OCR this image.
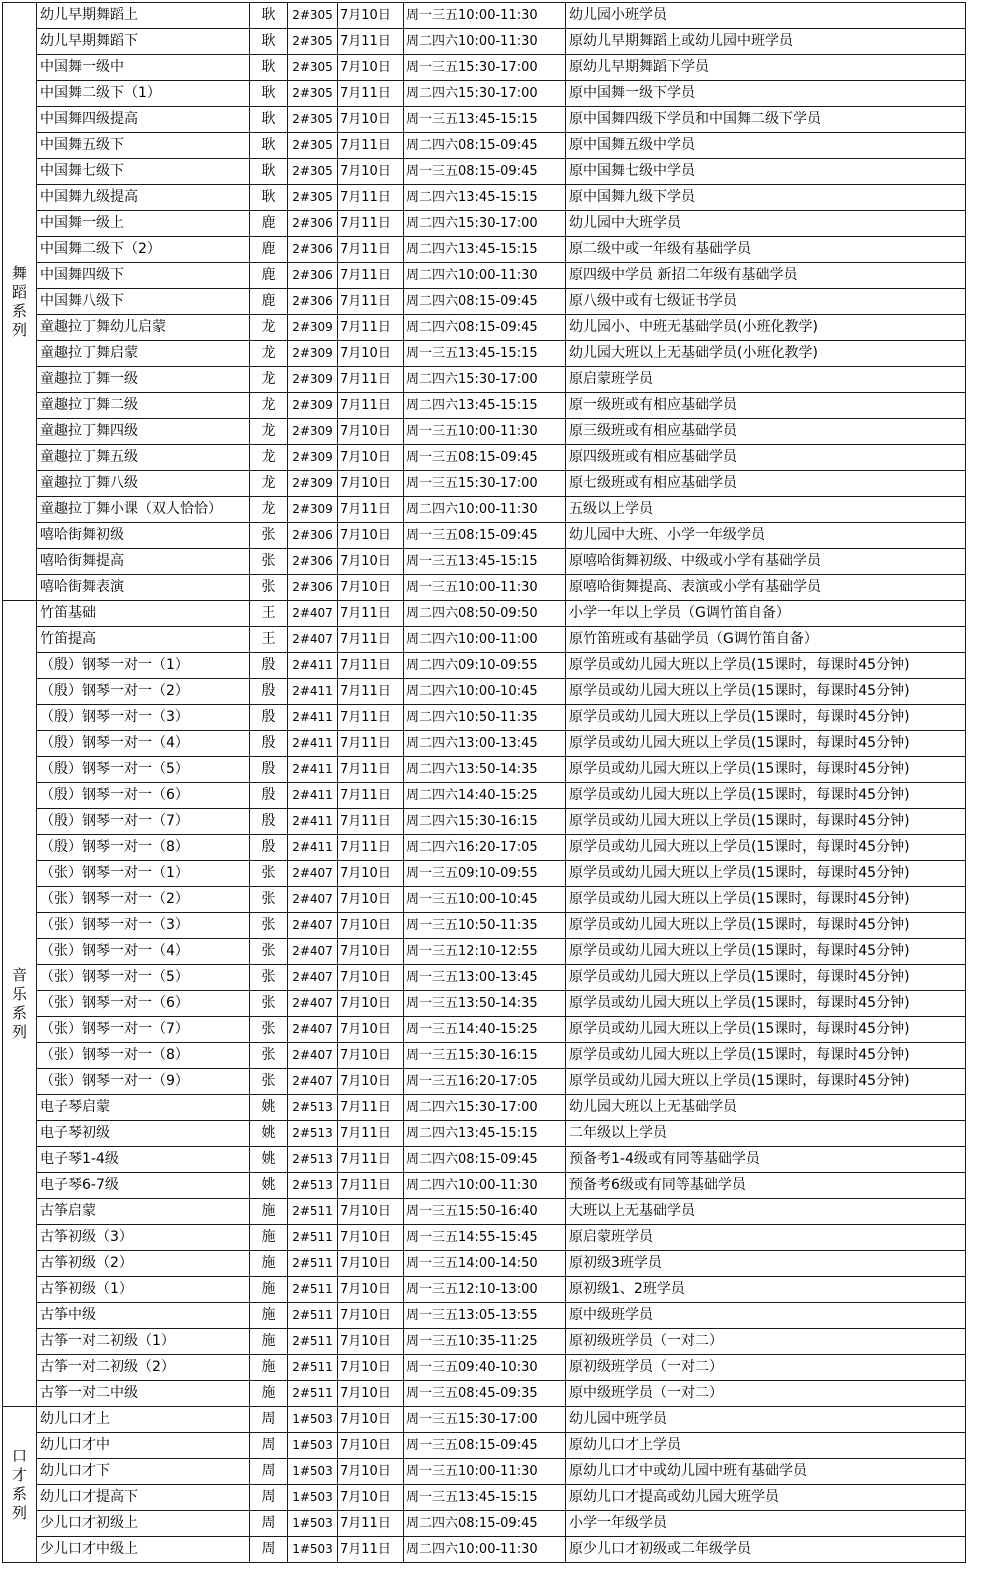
舞蹈系列	幼儿早期舞蹈上	耿	2#305	7月10日	周一三五10:00-11:30	幼儿园小班学员
	幼儿早期舞蹈下	耿	2#305	7月11日	周二四六10:00-11:30	原幼儿早期舞蹈上或幼儿园中班学员
	中国舞一级中	耿	2#305	7月10日	周一三五15:30-17:00	原幼儿早期舞蹈下学员
	中国舞二级下（1）	耿	2#305	7月11日	周二四六15:30-17:00	原中国舞一级下学员
	中国舞四级提高	耿	2#305	7月10日	周一三五13:45-15:15	原中国舞四级下学员和中国舞二级下学员
	中国舞五级下	耿	2#305	7月11日	周二四六08:15-09:45	原中国舞五级中学员
	中国舞七级下	耿	2#305	7月10日	周一三五08:15-09:45	原中国舞七级中学员
	中国舞九级提高	耿	2#305	7月11日	周二四六13:45-15:15	原中国舞九级下学员
	中国舞一级上	鹿	2#306	7月11日	周二四六15:30-17:00	幼儿园中大班学员
	中国舞二级下（2）	鹿	2#306	7月11日	周二四六13:45-15:15	原二级中或一年级有基础学员
	中国舞四级下	鹿	2#306	7月11日	周二四六10:00-11:30	原四级中学员 新招二年级有基础学员
	中国舞八级下	鹿	2#306	7月11日	周二四六08:15-09:45	原八级中或有七级证书学员
	童趣拉丁舞幼儿启蒙	龙	2#309	7月11日	周二四六08:15-09:45	幼儿园小、中班无基础学员(小班化教学)
	童趣拉丁舞启蒙	龙	2#309	7月10日	周一三五13:45-15:15	幼儿园大班以上无基础学员(小班化教学)
	童趣拉丁舞一级	龙	2#309	7月11日	周二四六15:30-17:00	原启蒙班学员
	童趣拉丁舞二级	龙	2#309	7月11日	周二四六13:45-15:15	原一级班或有相应基础学员
	童趣拉丁舞四级	龙	2#309	7月10日	周一三五10:00-11:30	原三级班或有相应基础学员
	童趣拉丁舞五级	龙	2#309	7月10日	周一三五08:15-09:45	原四级班或有相应基础学员
	童趣拉丁舞八级	龙	2#309	7月10日	周一三五15:30-17:00	原七级班或有相应基础学员
	童趣拉丁舞小课（双人恰恰）	龙	2#309	7月11日	周二四六10:00-11:30	五级以上学员
	嘻哈街舞初级	张	2#306	7月10日	周一三五08:15-09:45	幼儿园中大班、小学一年级学员
	嘻哈街舞提高	张	2#306	7月10日	周一三五13:45-15:15	原嘻哈街舞初级、中级或小学有基础学员
	嘻哈街舞表演	张	2#306	7月10日	周一三五10:00-11:30	原嘻哈街舞提高、表演或小学有基础学员
音乐系列	竹笛基础	王	2#407	7月11日	周二四六08:50-09:50	小学一年以上学员（G调竹笛自备）
	竹笛提高	王	2#407	7月11日	周二四六10:00-11:00	原竹笛班或有基础学员（G调竹笛自备）
	（殷）钢琴一对一（1）	殷	2#411	7月11日	周二四六09:10-09:55	原学员或幼儿园大班以上学员(15课时，每课时45分钟)
	（殷）钢琴一对一（2）	殷	2#411	7月11日	周二四六10:00-10:45	原学员或幼儿园大班以上学员(15课时，每课时45分钟)
	（殷）钢琴一对一（3）	殷	2#411	7月11日	周二四六10:50-11:35	原学员或幼儿园大班以上学员(15课时，每课时45分钟)
	（殷）钢琴一对一（4）	殷	2#411	7月11日	周二四六13:00-13:45	原学员或幼儿园大班以上学员(15课时，每课时45分钟)
	（殷）钢琴一对一（5）	殷	2#411	7月11日	周二四六13:50-14:35	原学员或幼儿园大班以上学员(15课时，每课时45分钟)
	（殷）钢琴一对一（6）	殷	2#411	7月11日	周二四六14:40-15:25	原学员或幼儿园大班以上学员(15课时，每课时45分钟)
	（殷）钢琴一对一（7）	殷	2#411	7月11日	周二四六15:30-16:15	原学员或幼儿园大班以上学员(15课时，每课时45分钟)
	（殷）钢琴一对一（8）	殷	2#411	7月11日	周二四六16:20-17:05	原学员或幼儿园大班以上学员(15课时，每课时45分钟)
	（张）钢琴一对一（1）	张	2#407	7月10日	周一三五09:10-09:55	原学员或幼儿园大班以上学员(15课时，每课时45分钟)
	（张）钢琴一对一（2）	张	2#407	7月10日	周一三五10:00-10:45	原学员或幼儿园大班以上学员(15课时，每课时45分钟)
	（张）钢琴一对一（3）	张	2#407	7月10日	周一三五10:50-11:35	原学员或幼儿园大班以上学员(15课时，每课时45分钟)
	（张）钢琴一对一（4）	张	2#407	7月10日	周一三五12:10-12:55	原学员或幼儿园大班以上学员(15课时，每课时45分钟)
	（张）钢琴一对一（5）	张	2#407	7月10日	周一三五13:00-13:45	原学员或幼儿园大班以上学员(15课时，每课时45分钟)
	（张）钢琴一对一（6）	张	2#407	7月10日	周一三五13:50-14:35	原学员或幼儿园大班以上学员(15课时，每课时45分钟)
	（张）钢琴一对一（7）	张	2#407	7月10日	周一三五14:40-15:25	原学员或幼儿园大班以上学员(15课时，每课时45分钟)
	（张）钢琴一对一（8）	张	2#407	7月10日	周一三五15:30-16:15	原学员或幼儿园大班以上学员(15课时，每课时45分钟)
	（张）钢琴一对一（9）	张	2#407	7月10日	周一三五16:20-17:05	原学员或幼儿园大班以上学员(15课时，每课时45分钟)
	电子琴启蒙	姚	2#513	7月11日	周二四六15:30-17:00	幼儿园大班以上无基础学员
	电子琴初级	姚	2#513	7月11日	周二四六13:45-15:15	二年级以上学员
	电子琴1-4级	姚	2#513	7月11日	周二四六08:15-09:45	预备考1-4级或有同等基础学员
	电子琴6-7级	姚	2#513	7月11日	周二四六10:00-11:30	预备考6级或有同等基础学员
	古筝启蒙	施	2#511	7月10日	周一三五15:50-16:40	大班以上无基础学员
	古筝初级（3）	施	2#511	7月10日	周一三五14:55-15:45	原启蒙班学员
	古筝初级（2）	施	2#511	7月10日	周一三五14:00-14:50	原初级3班学员
	古筝初级（1）	施	2#511	7月10日	周一三五12:10-13:00	原初级1、2班学员
	古筝中级	施	2#511	7月10日	周一三五13:05-13:55	原中级班学员
	古筝一对二初级（1）	施	2#511	7月10日	周一三五10:35-11:25	原初级班学员（一对二）
	古筝一对二初级（2）	施	2#511	7月10日	周一三五09:40-10:30	原初级班学员（一对二）
	古筝一对二中级	施	2#511	7月10日	周一三五08:45-09:35	原中级班学员（一对二）
口才系列	幼儿口才上	周	1#503	7月10日	周一三五15:30-17:00	幼儿园中班学员
	幼儿口才中	周	1#503	7月10日	周一三五08:15-09:45	原幼儿口才上学员
	幼儿口才下	周	1#503	7月10日	周一三五10:00-11:30	原幼儿口才中或幼儿园中班有基础学员
	幼儿口才提高下	周	1#503	7月10日	周一三五13:45-15:15	原幼儿口才提高或幼儿园大班学员
	少儿口才初级上	周	1#503	7月11日	周二四六08:15-09:45	小学一年级学员
	少儿口才中级上	周	1#503	7月11日	周二四六10:00-11:30	原少儿口才初级或二年级学员
